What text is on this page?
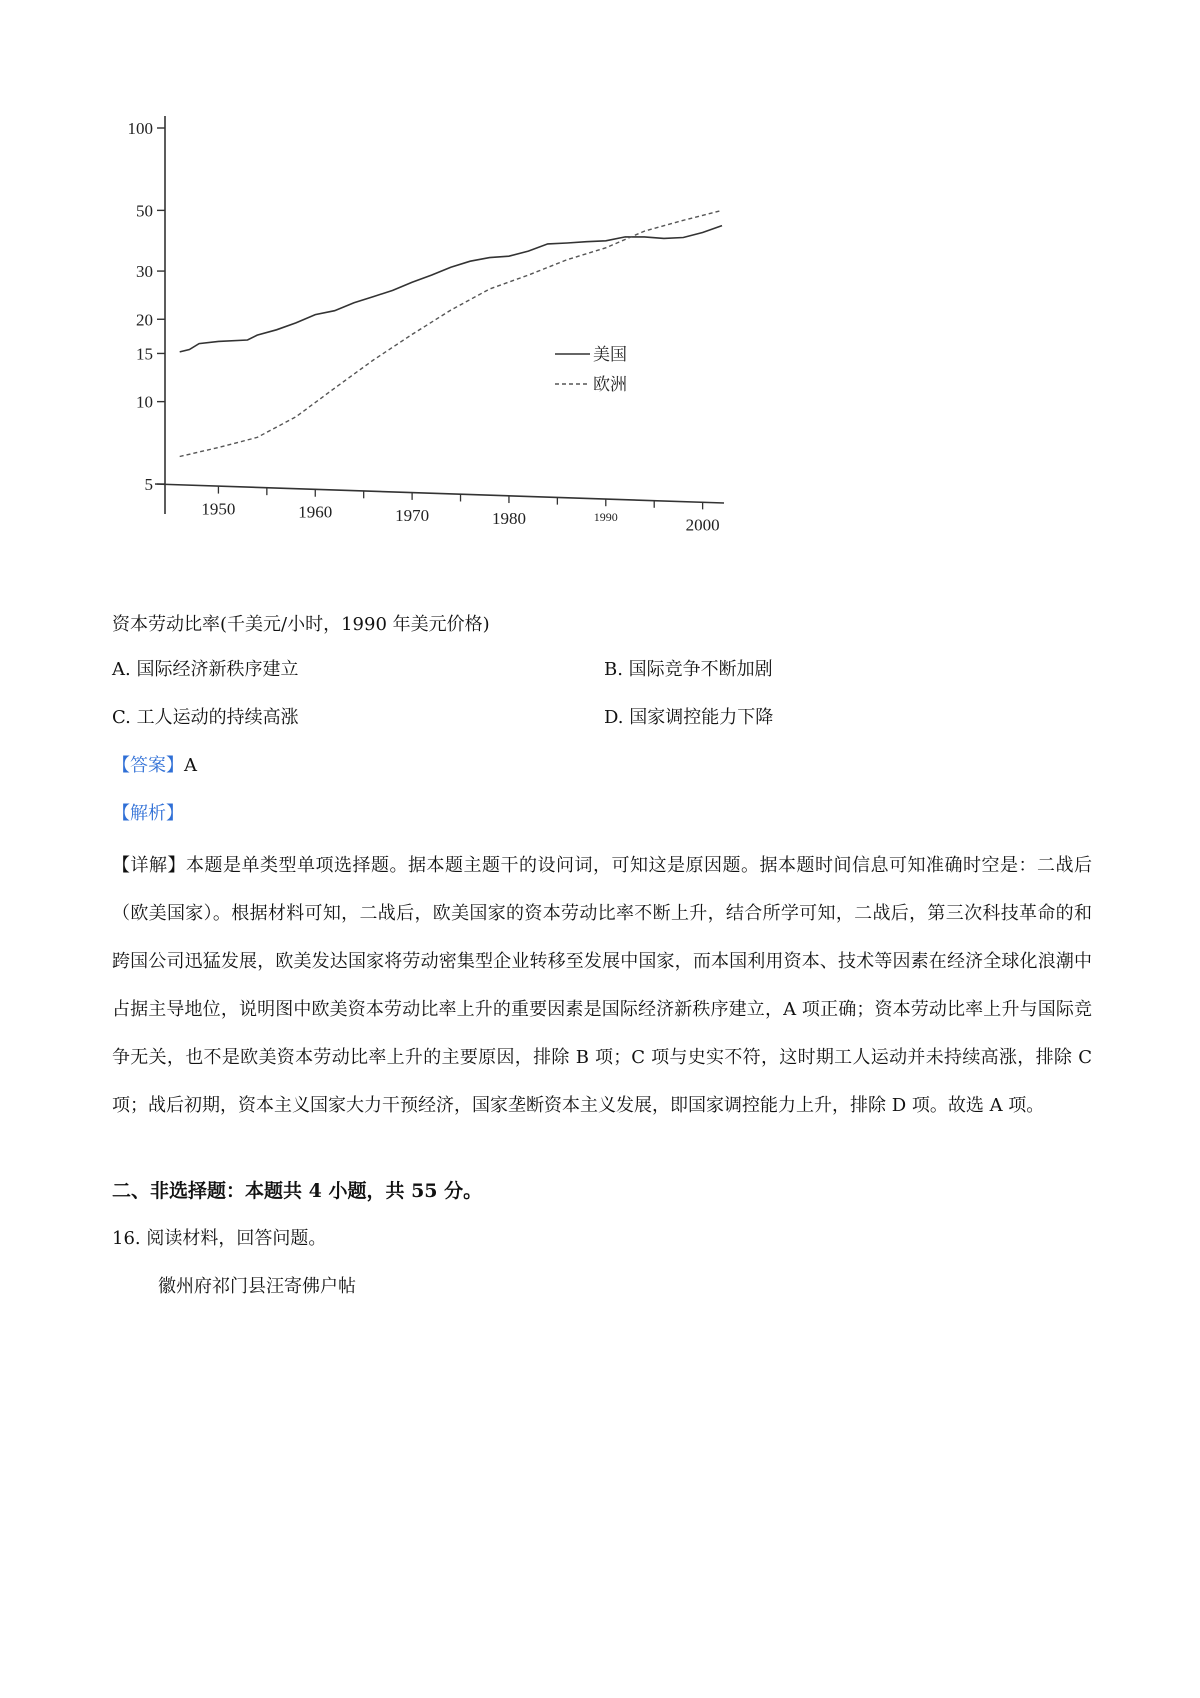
5
10
15
20
30
50
100
1950	1960	1970	1980	1990	2000
美国
欧洲
资本劳动比率(千美元/小时，1990 年美元价格)
A. 国际经济新秩序建立	B. 国际竞争不断加剧
C. 工人运动的持续高涨	D. 国家调控能力下降
【答案】A
【解析】
【详解】本题是单类型单项选择题。据本题主题干的设问词，可知这是原因题。据本题时间信息可知准确时空是：二战后（欧美国家）。根据材料可知，二战后，欧美国家的资本劳动比率不断上升，结合所学可知，二战后，第三次科技革命的和跨国公司迅猛发展，欧美发达国家将劳动密集型企业转移至发展中国家，而本国利用资本、技术等因素在经济全球化浪潮中占据主导地位，说明图中欧美资本劳动比率上升的重要因素是国际经济新秩序建立，A 项正确；资本劳动比率上升与国际竞争无关，也不是欧美资本劳动比率上升的主要原因，排除 B 项；C 项与史实不符，这时期工人运动并未持续高涨，排除 C 项；战后初期，资本主义国家大力干预经济，国家垄断资本主义发展，即国家调控能力上升，排除 D 项。故选 A 项。
二、非选择题：本题共 4 小题，共 55 分。
16. 阅读材料，回答问题。
徽州府祁门县汪寄佛户帖
